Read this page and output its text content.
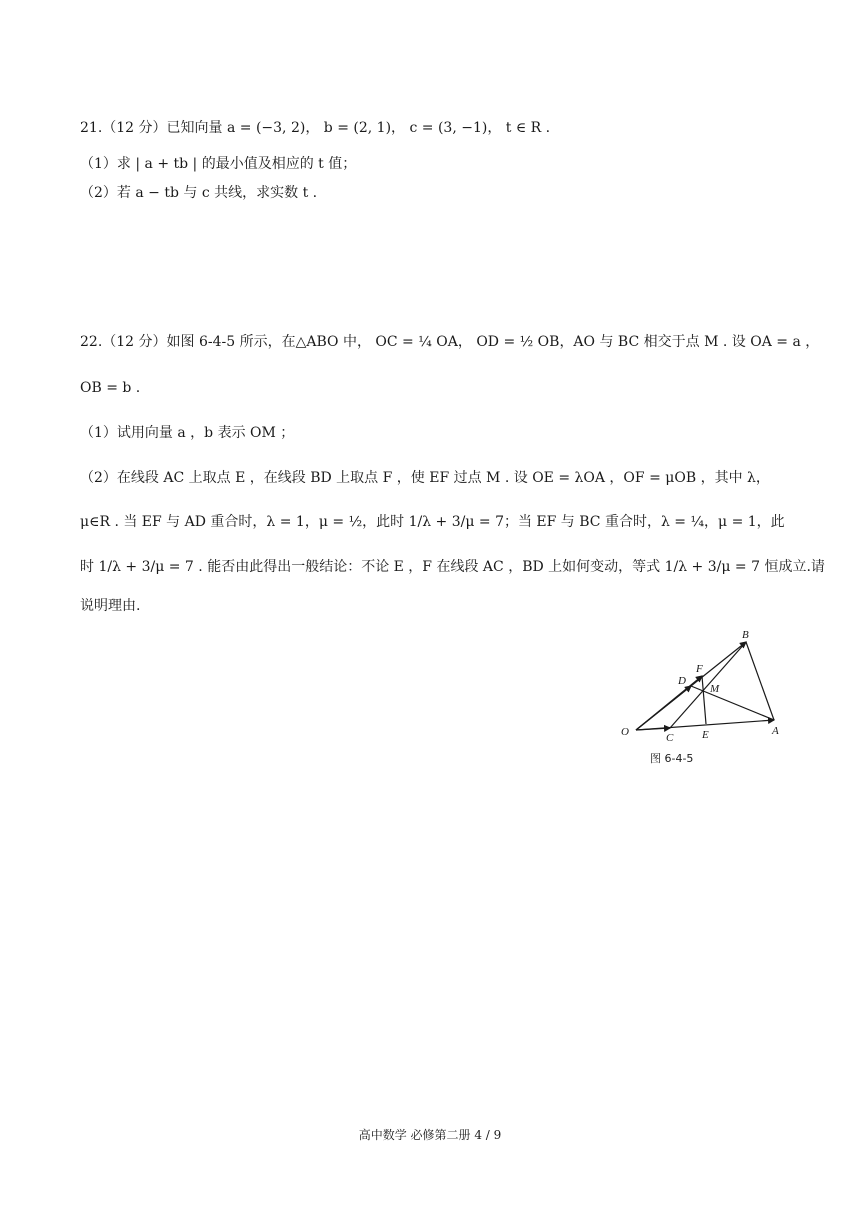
21.（12 分）已知向量 a = (−3, 2)， b = (2, 1)， c = (3, −1)， t ∈ R .
（1）求 | a + tb | 的最小值及相应的 t 值；
（2）若 a − tb 与 c 共线，求实数 t .
22.（12 分）如图 6-4-5 所示，在△ABO 中， OC = ¼ OA， OD = ½ OB，AO 与 BC 相交于点 M . 设 OA = a ，
OB = b .
（1）试用向量 a ，b 表示 OM ；
（2）在线段 AC 上取点 E ，在线段 BD 上取点 F ，使 EF 过点 M . 设 OE = λOA ，OF = μOB ，其中 λ，
μ∈R . 当 EF 与 AD 重合时，λ = 1，μ = ½，此时 1/λ + 3/μ = 7；当 EF 与 BC 重合时，λ = ¼，μ = 1，此
时 1/λ + 3/μ = 7 . 能否由此得出一般结论：不论 E ，F 在线段 AC ，BD 上如何变动，等式 1/λ + 3/μ = 7 恒成立.请
说明理由.
O	C	E	A
D
F
M
B
图 6-4-5
高中数学 必修第二册 4 / 9
